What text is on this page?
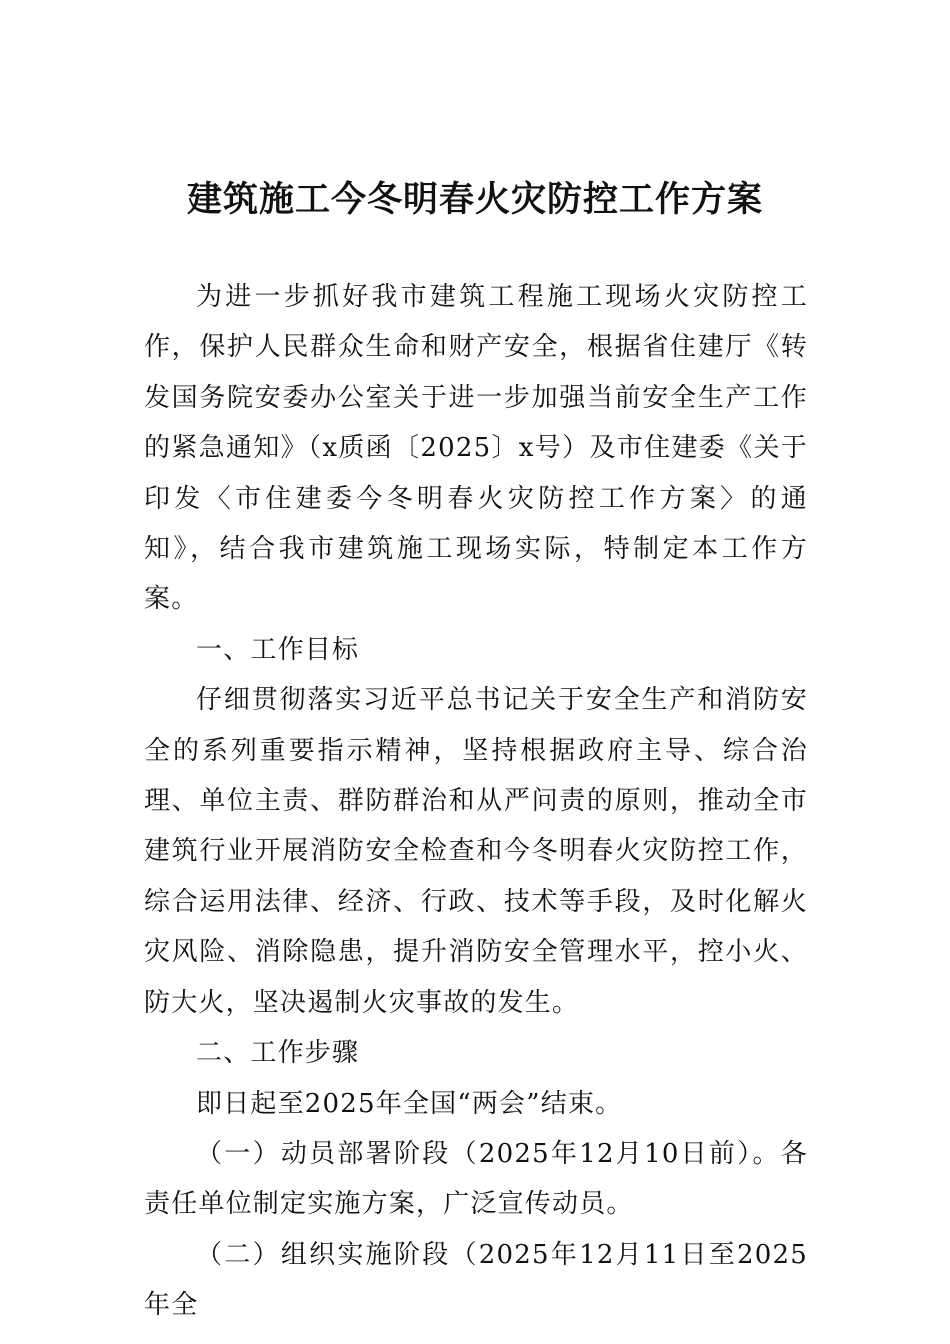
建筑施工今冬明春火灾防控工作方案

为进一步抓好我市建筑工程施工现场火灾防控工作，保护人民群众生命和财产安全，根据省住建厅《转发国务院安委办公室关于进一步加强当前安全生产工作的紧急通知》（x质函〔2025〕x号）及市住建委《关于印发〈市住建委今冬明春火灾防控工作方案〉的通知》，结合我市建筑施工现场实际，特制定本工作方案。

一、工作目标

仔细贯彻落实习近平总书记关于安全生产和消防安全的系列重要指示精神，坚持根据政府主导、综合治理、单位主责、群防群治和从严问责的原则，推动全市建筑行业开展消防安全检查和今冬明春火灾防控工作，综合运用法律、经济、行政、技术等手段，及时化解火灾风险、消除隐患，提升消防安全管理水平，控小火、防大火，坚决遏制火灾事故的发生。

二、工作步骤

即日起至2025年全国“两会”结束。

（一）动员部署阶段（2025年12月10日前）。各责任单位制定实施方案，广泛宣传动员。

（二）组织实施阶段（2025年12月11日至2025年全
